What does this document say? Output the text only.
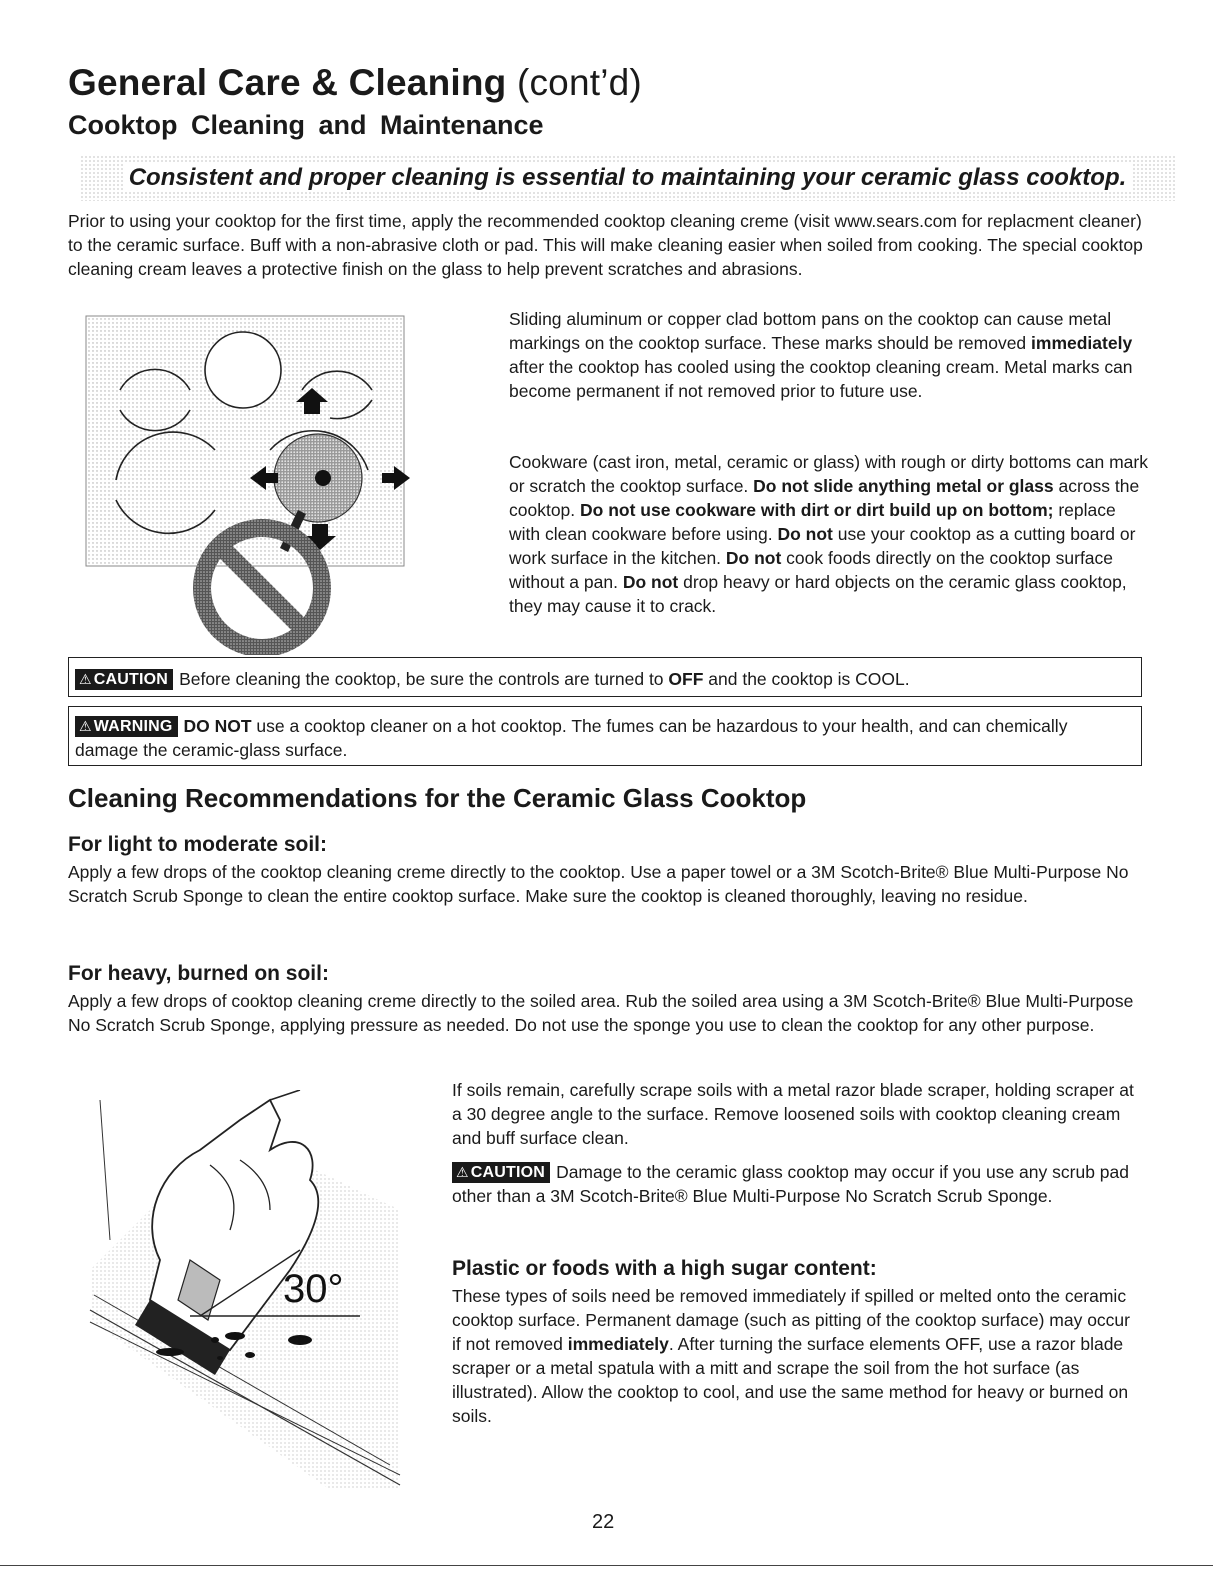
General Care & Cleaning (cont’d)
Cooktop Cleaning and Maintenance
Consistent and proper cleaning is essential to maintaining your ceramic glass cooktop.

Prior to using your cooktop for the first time, apply the recommended cooktop cleaning creme (visit www.sears.com for replacment cleaner) to the ceramic surface. Buff with a non-abrasive cloth or pad. This will make cleaning easier when soiled from cooking. The special cooktop cleaning cream leaves a protective finish on the glass to help prevent scratches and abrasions.

Sliding aluminum or copper clad bottom pans on the cooktop can cause metal markings on the cooktop surface. These marks should be removed immediately after the cooktop has cooled using the cooktop cleaning cream. Metal marks can become permanent if not removed prior to future use.

Cookware (cast iron, metal, ceramic or glass) with rough or dirty bottoms can mark or scratch the cooktop surface. Do not slide anything metal or glass across the cooktop. Do not use cookware with dirt or dirt build up on bottom; replace with clean cookware before using. Do not use your cooktop as a cutting board or work surface in the kitchen. Do not cook foods directly on the cooktop surface without a pan. Do not drop heavy or hard objects on the ceramic glass cooktop, they may cause it to crack.

⚠ CAUTION Before cleaning the cooktop, be sure the controls are turned to OFF and the cooktop is COOL.
⚠ WARNING DO NOT use a cooktop cleaner on a hot cooktop. The fumes can be hazardous to your health, and can chemically damage the ceramic-glass surface.
Cleaning Recommendations for the Ceramic Glass Cooktop
For light to moderate soil:

Apply a few drops of the cooktop cleaning creme directly to the cooktop. Use a paper towel or a 3M Scotch-Brite® Blue Multi-Purpose No Scratch Scrub Sponge to clean the entire cooktop surface. Make sure the cooktop is cleaned thoroughly, leaving no residue.

For heavy, burned on soil:

Apply a few drops of cooktop cleaning creme directly to the soiled area. Rub the soiled area using a 3M Scotch-Brite® Blue Multi-Purpose No Scratch Scrub Sponge, applying pressure as needed. Do not use the sponge you use to clean the cooktop for any other purpose.

30°

If soils remain, carefully scrape soils with a metal razor blade scraper, holding scraper at a 30 degree angle to the surface. Remove loosened soils with cooktop cleaning cream and buff surface clean.

⚠ CAUTION Damage to the ceramic glass cooktop may occur if you use any scrub pad other than a 3M Scotch-Brite® Blue Multi-Purpose No Scratch Scrub Sponge.

Plastic or foods with a high sugar content:

These types of soils need be removed immediately if spilled or melted onto the ceramic cooktop surface. Permanent damage (such as pitting of the cooktop surface) may occur if not removed immediately. After turning the surface elements OFF, use a razor blade scraper or a metal spatula with a mitt and scrape the soil from the hot surface (as illustrated). Allow the cooktop to cool, and use the same method for heavy or burned on soils.

22
